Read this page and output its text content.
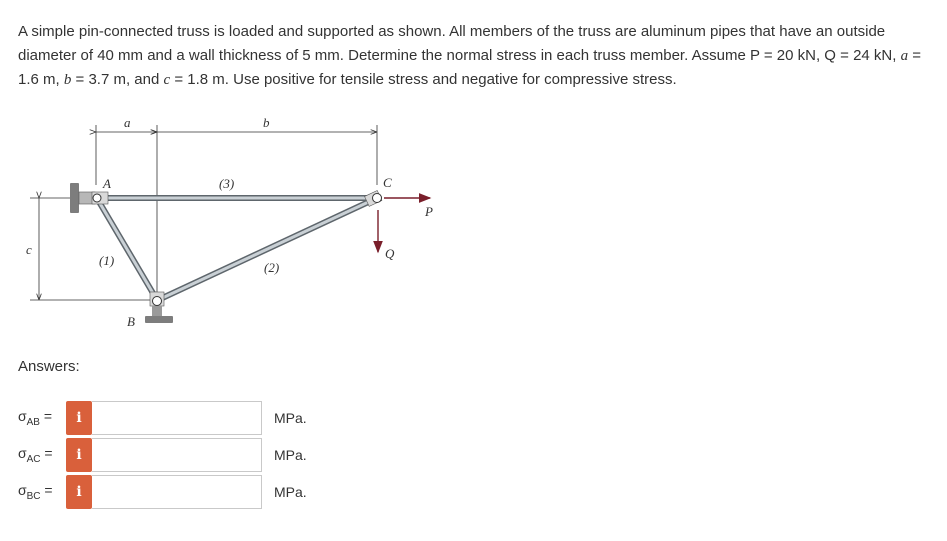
A simple pin-connected truss is loaded and supported as shown. All members of the truss are aluminum pipes that have an outside diameter of 40 mm and a wall thickness of 5 mm. Determine the normal stress in each truss member. Assume P = 20 kN, Q = 24 kN, a = 1.6 m, b = 3.7 m, and c = 1.8 m. Use positive for tensile stress and negative for compressive stress.
a	b
c
A
B
C
P
Q
(1)	(2)
(3)
Answers:
$\sigma_{AB}$ =	i	MPa.
$\sigma_{AC}$ =	i	MPa.
$\sigma_{BC}$ =	i	MPa.
